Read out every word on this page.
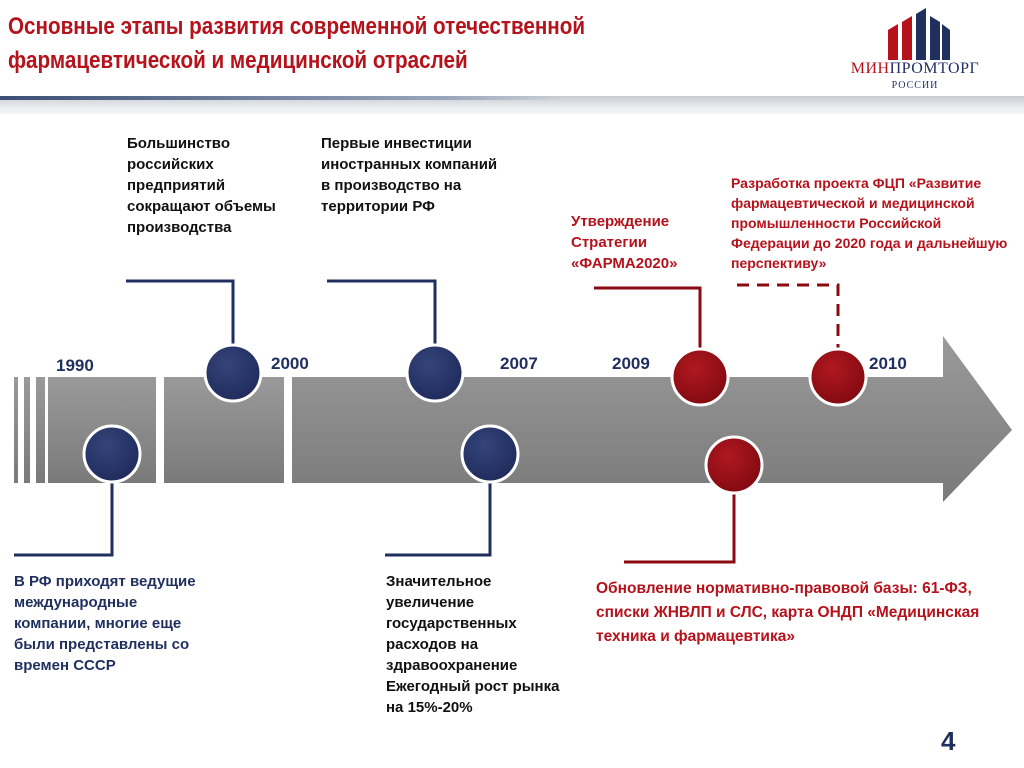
Основные этапы развития современной отечественной
фармацевтической и медицинской отраслей	МИНПРОМТОРГ
РОССИИ
1990	2000	2007	2009	2010
Большинство российских предприятий сокращают объемы производства
Первые инвестиции иностранных компаний в производство на территории РФ
Утверждение Стратегии «ФАРМА2020»
Разработка проекта ФЦП «Развитие фармацевтической и медицинской промышленности Российской Федерации до 2020 года и дальнейшую перспективу»
В РФ приходят ведущие международные компании, многие еще были представлены со времен СССР
Значительное увеличение государственных расходов на здравоохранение Ежегодный рост рынка на 15%-20%
Обновление нормативно-правовой базы: 61-ФЗ, списки ЖНВЛП и СЛС, карта ОНДП «Медицинская техника и фармацевтика»
4
